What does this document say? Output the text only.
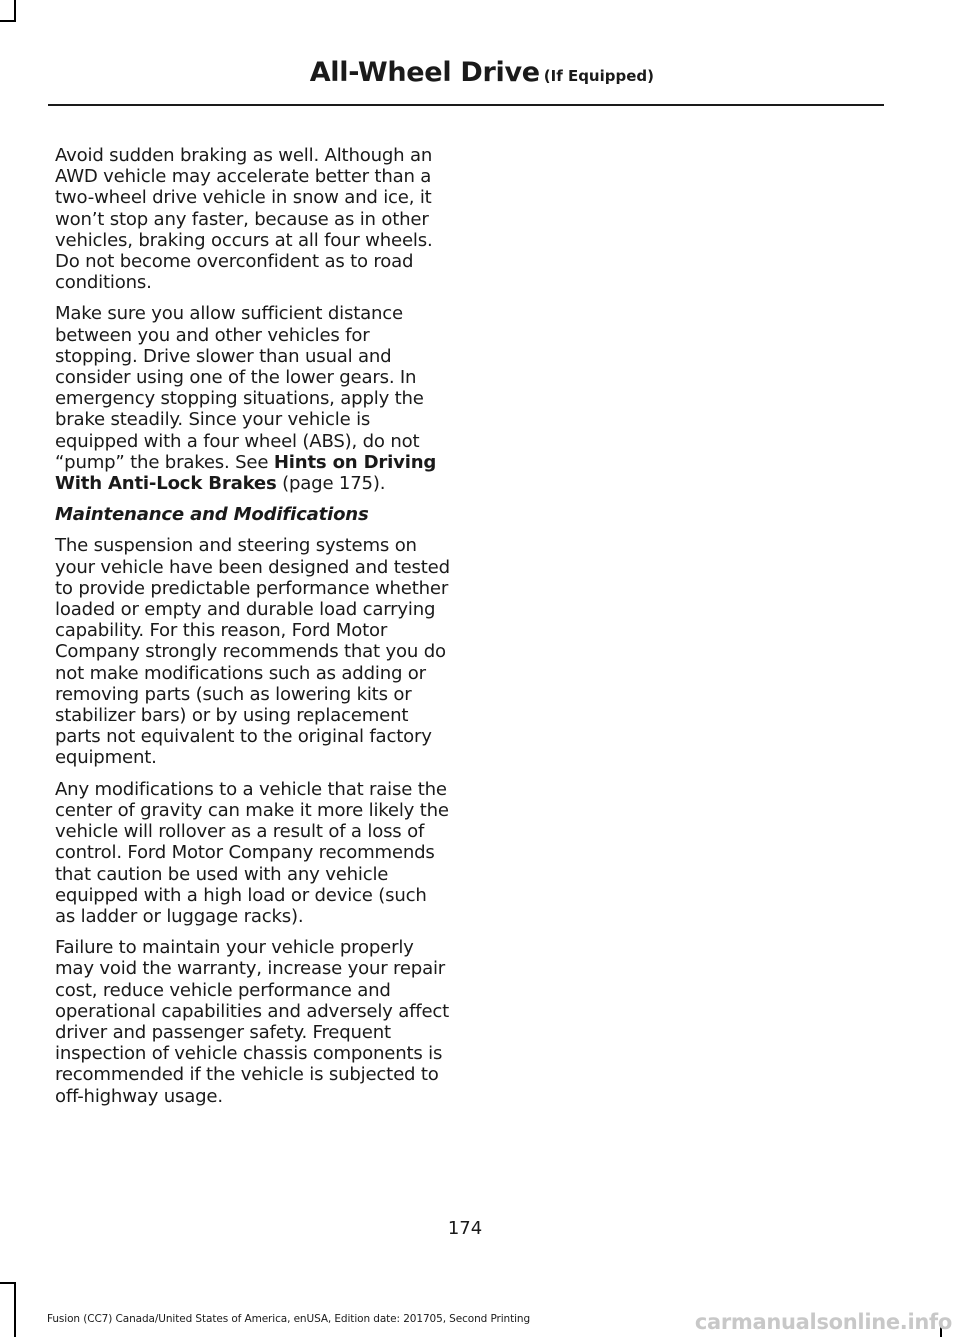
All-Wheel Drive (If Equipped)

Avoid sudden braking as well. Although an AWD vehicle may accelerate better than a two-wheel drive vehicle in snow and ice, it won’t stop any faster, because as in other vehicles, braking occurs at all four wheels. Do not become overconfident as to road conditions.

Make sure you allow sufficient distance between you and other vehicles for stopping. Drive slower than usual and consider using one of the lower gears. In emergency stopping situations, apply the brake steadily. Since your vehicle is equipped with a four wheel (ABS), do not “pump” the brakes. See Hints on Driving With Anti-Lock Brakes (page 175).

Maintenance and Modifications

The suspension and steering systems on your vehicle have been designed and tested to provide predictable performance whether loaded or empty and durable load carrying capability. For this reason, Ford Motor Company strongly recommends that you do not make modifications such as adding or removing parts (such as lowering kits or stabilizer bars) or by using replacement parts not equivalent to the original factory equipment.

Any modifications to a vehicle that raise the center of gravity can make it more likely the vehicle will rollover as a result of a loss of control. Ford Motor Company recommends that caution be used with any vehicle equipped with a high load or device (such as ladder or luggage racks).

Failure to maintain your vehicle properly may void the warranty, increase your repair cost, reduce vehicle performance and operational capabilities and adversely affect driver and passenger safety. Frequent inspection of vehicle chassis components is recommended if the vehicle is subjected to off-highway usage.

174
Fusion (CC7) Canada/United States of America, enUSA, Edition date: 201705, Second Printing	carmanualsonline.info
